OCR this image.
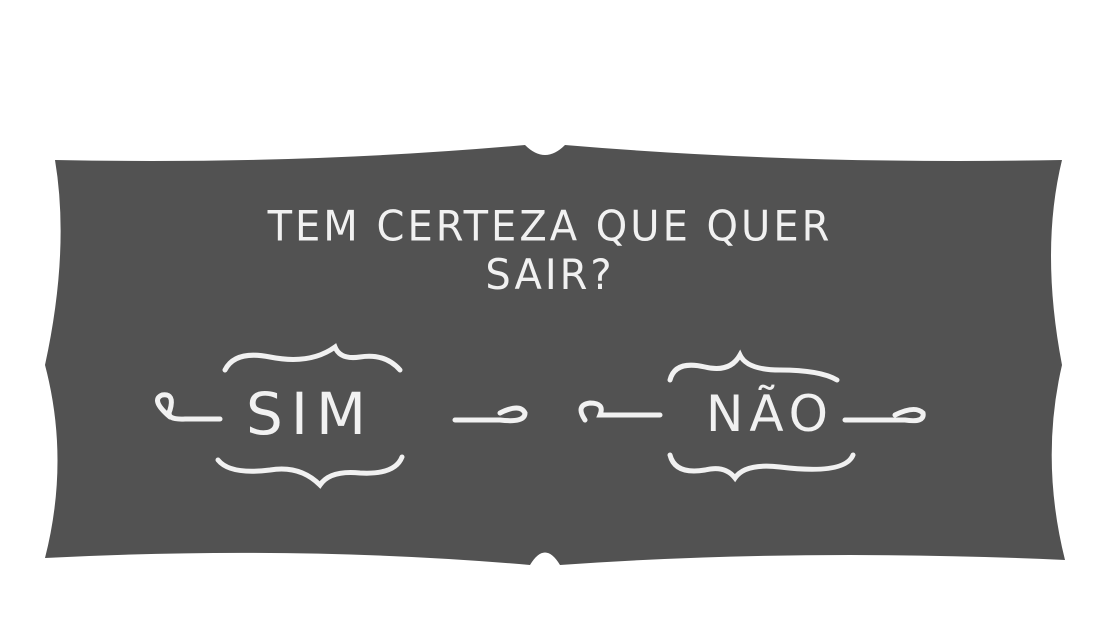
TEM CERTEZA QUE QUER SAIR?
SIM	NÃO
